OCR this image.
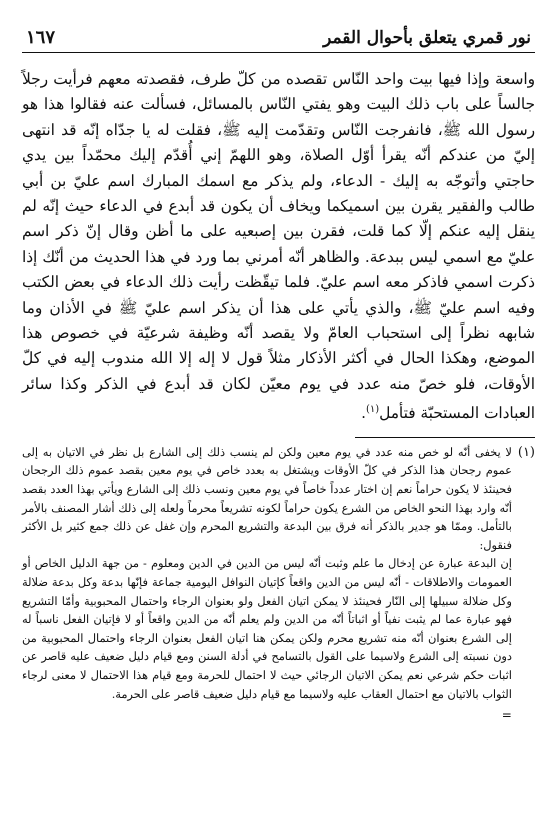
نور قمري يتعلق بأحوال القمر
١٦٧

واسعة وإذا فيها بيت واحد النّاس تقصده من كلّ طرف، فقصدته معهم فرأيت رجلاً جالساً على باب ذلك البيت وهو يفتي النّاس بالمسائل، فسألت عنه فقالوا هذا هو رسول الله ﷺ، فانفرجت النّاس وتقدّمت إليه ﷺ، فقلت له يا جدّاه إنّه قد انتهى إليّ من عندكم أنّه يقرأ أوّل الصلاة، وهو اللهمّ إني أُقدّم إليك محمّداً بين يدي حاجتي وأتوجّه به إليك - الدعاء، ولم يذكر مع اسمك المبارك اسم عليّ بن أبي طالب والفقير يقرن بين اسميكما ويخاف أن يكون قد أبدع في الدعاء حيث إنّه لم ينقل إليه عنكم إلّا كما قلت، فقرن بين إصبعيه على ما أظن وقال إنّ ذكر اسم عليّ مع اسمي ليس ببدعة. والظاهر أنّه أمرني بما ورد في هذا الحديث من أنّك إذا ذكرت اسمي فاذكر معه اسم عليّ. فلما تيقّظت رأيت ذلك الدعاء في بعض الكتب وفيه اسم عليّ ﷺ، والذي يأتي على هذا أن يذكر اسم عليّ ﷺ في الأذان وما شابهه نظراً إلى استحباب العامّ ولا يقصد أنّه وظيفة شرعيّة في خصوص هذا الموضع، وهكذا الحال في أكثر الأذكار مثلاً قول لا إله إلا الله مندوب إليه في كلّ الأوقات، فلو خصّ منه عدد في يوم معيّن لكان قد أبدع في الذكر وكذا سائر العبادات المستحبّة فتأمل$^{(١)}$.

(١)

لا يخفى أنّه لو خص منه عدد في يوم معين ولكن لم ينسب ذلك إلى الشارع بل نظر في الاتيان به إلى عموم رجحان هذا الذكر في كلّ الأوقات ويشتغل به بعدد خاص في يوم معين بقصد عموم ذلك الرجحان فحينئذ لا يكون حراماً نعم إن اختار عدداً خاصاً في يوم معين ونسب ذلك إلى الشارع ويأتي بهذا العدد بقصد أنّه وارد بهذا النحو الخاص من الشرع يكون حراماً لكونه تشريعاً محرماً ولعله إلى ذلك أشار المصنف بالأمر بالتأمل. وممّا هو جدير بالذكر أنه فرق بين البدعة والتشريع المحرم وإن غفل عن ذلك جمع كثير بل الأكثر فنقول:

إن البدعة عبارة عن إدخال ما علم وثبت أنّه ليس من الدين في الدين ومعلوم - من جهة الدليل الخاص أو العمومات والاطلاقات - أنّه ليس من الدين واقعاً كإتيان النوافل اليومية جماعة فإنّها بدعة وكل بدعة ضلالة وكل ضلالة سبيلها إلى النّار فحينئذ لا يمكن اتيان الفعل ولو بعنوان الرجاء واحتمال المحبوبية وأمّا التشريع فهو عبارة عما لم يثبت نفياً أو اثباتاً أنّه من الدين ولم يعلم أنّه من الدين واقعاً أو لا فإتيان الفعل ناسباً له إلى الشرع بعنوان أنّه منه تشريع محرم ولكن يمكن هنا اتيان الفعل بعنوان الرجاء واحتمال المحبوبية من دون نسبته إلى الشرع ولاسيما على القول بالتسامح في أدلة السنن ومع قيام دليل ضعيف عليه قاصر عن اثبات حكم شرعي نعم يمكن الاتيان الرجائي حيث لا احتمال للحرمة ومع قيام هذا الاحتمال لا معنى لرجاء الثواب بالاتيان مع احتمال العقاب عليه ولاسيما مع قيام دليل ضعيف قاصر على الحرمة.

=
